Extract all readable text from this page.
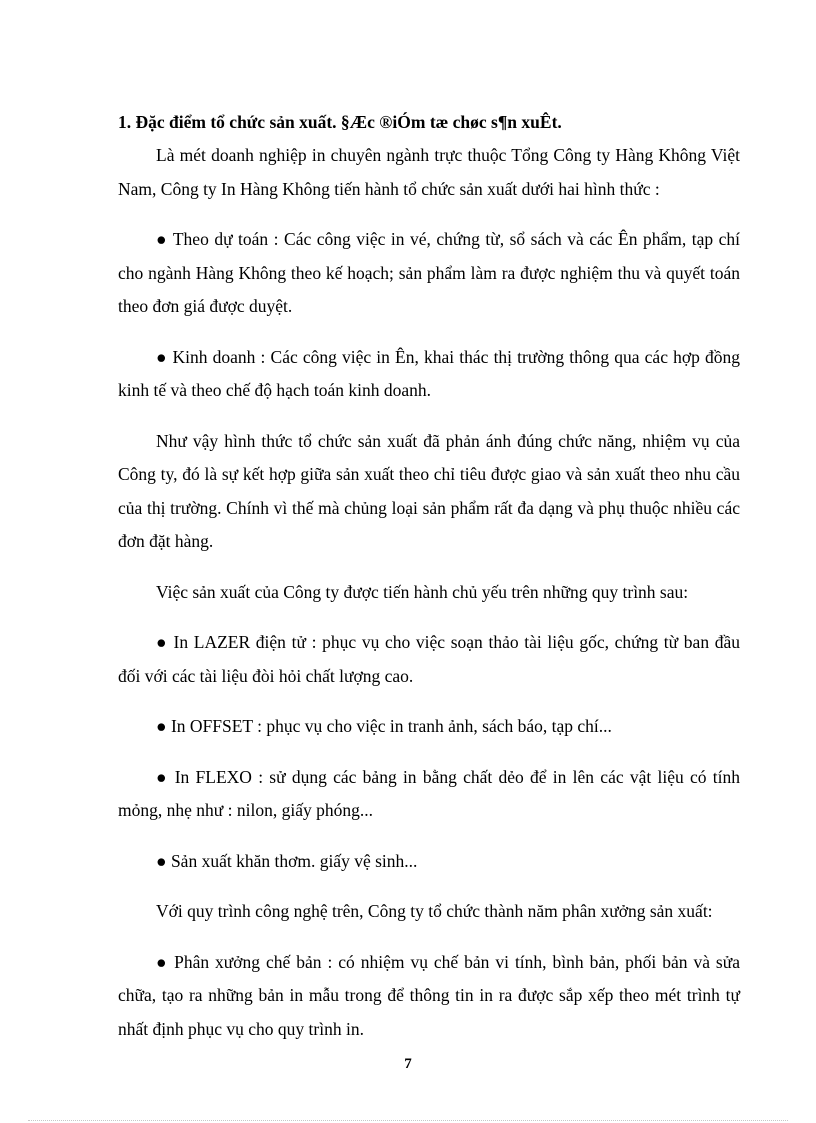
1. Đặc điểm tổ chức sản xuất. §Æc ®iÓm tæ chøc s¶n xuÊt.

Là mét doanh nghiệp in chuyên ngành trực thuộc Tổng Công ty Hàng Không Việt Nam, Công ty In Hàng Không tiến hành tổ chức sản xuất dưới hai hình thức :

● Theo dự toán : Các công việc in vé, chứng từ, sổ sách và các Ên phẩm, tạp chí cho ngành Hàng Không theo kế hoạch; sản phẩm làm ra được nghiệm thu và quyết toán theo đơn giá được duyệt.

● Kinh doanh : Các công việc in Ên, khai thác thị trường thông qua các hợp đồng kinh tế và theo chế độ hạch toán kinh doanh.

Như vậy hình thức tổ chức sản xuất đã phản ánh đúng chức năng, nhiệm vụ của Công ty, đó là sự kết hợp giữa sản xuất theo chỉ tiêu được giao và sản xuất theo nhu cầu của thị trường. Chính vì thế mà chủng loại sản phẩm rất đa dạng và phụ thuộc nhiều các đơn đặt hàng.

Việc sản xuất của Công ty được tiến hành chủ yếu trên những quy trình sau:

● In LAZER điện tử : phục vụ cho việc soạn thảo tài liệu gốc, chứng từ ban đầu đối với các tài liệu đòi hỏi chất lượng cao.

● In OFFSET : phục vụ cho việc in tranh ảnh, sách báo, tạp chí...

● In FLEXO : sử dụng các bảng in bằng chất dẻo để in lên các vật liệu có tính mỏng, nhẹ như : nilon, giấy phóng...

● Sản xuất khăn thơm. giấy vệ sinh...

Với quy trình công nghệ trên, Công ty tổ chức thành năm phân xưởng sản xuất:

● Phân xưởng chế bản : có nhiệm vụ chế bản vi tính, bình bản, phối bản và sửa chữa, tạo ra những bản in mẫu trong để thông tin in ra được sắp xếp theo mét trình tự nhất định phục vụ cho quy trình in.

7
